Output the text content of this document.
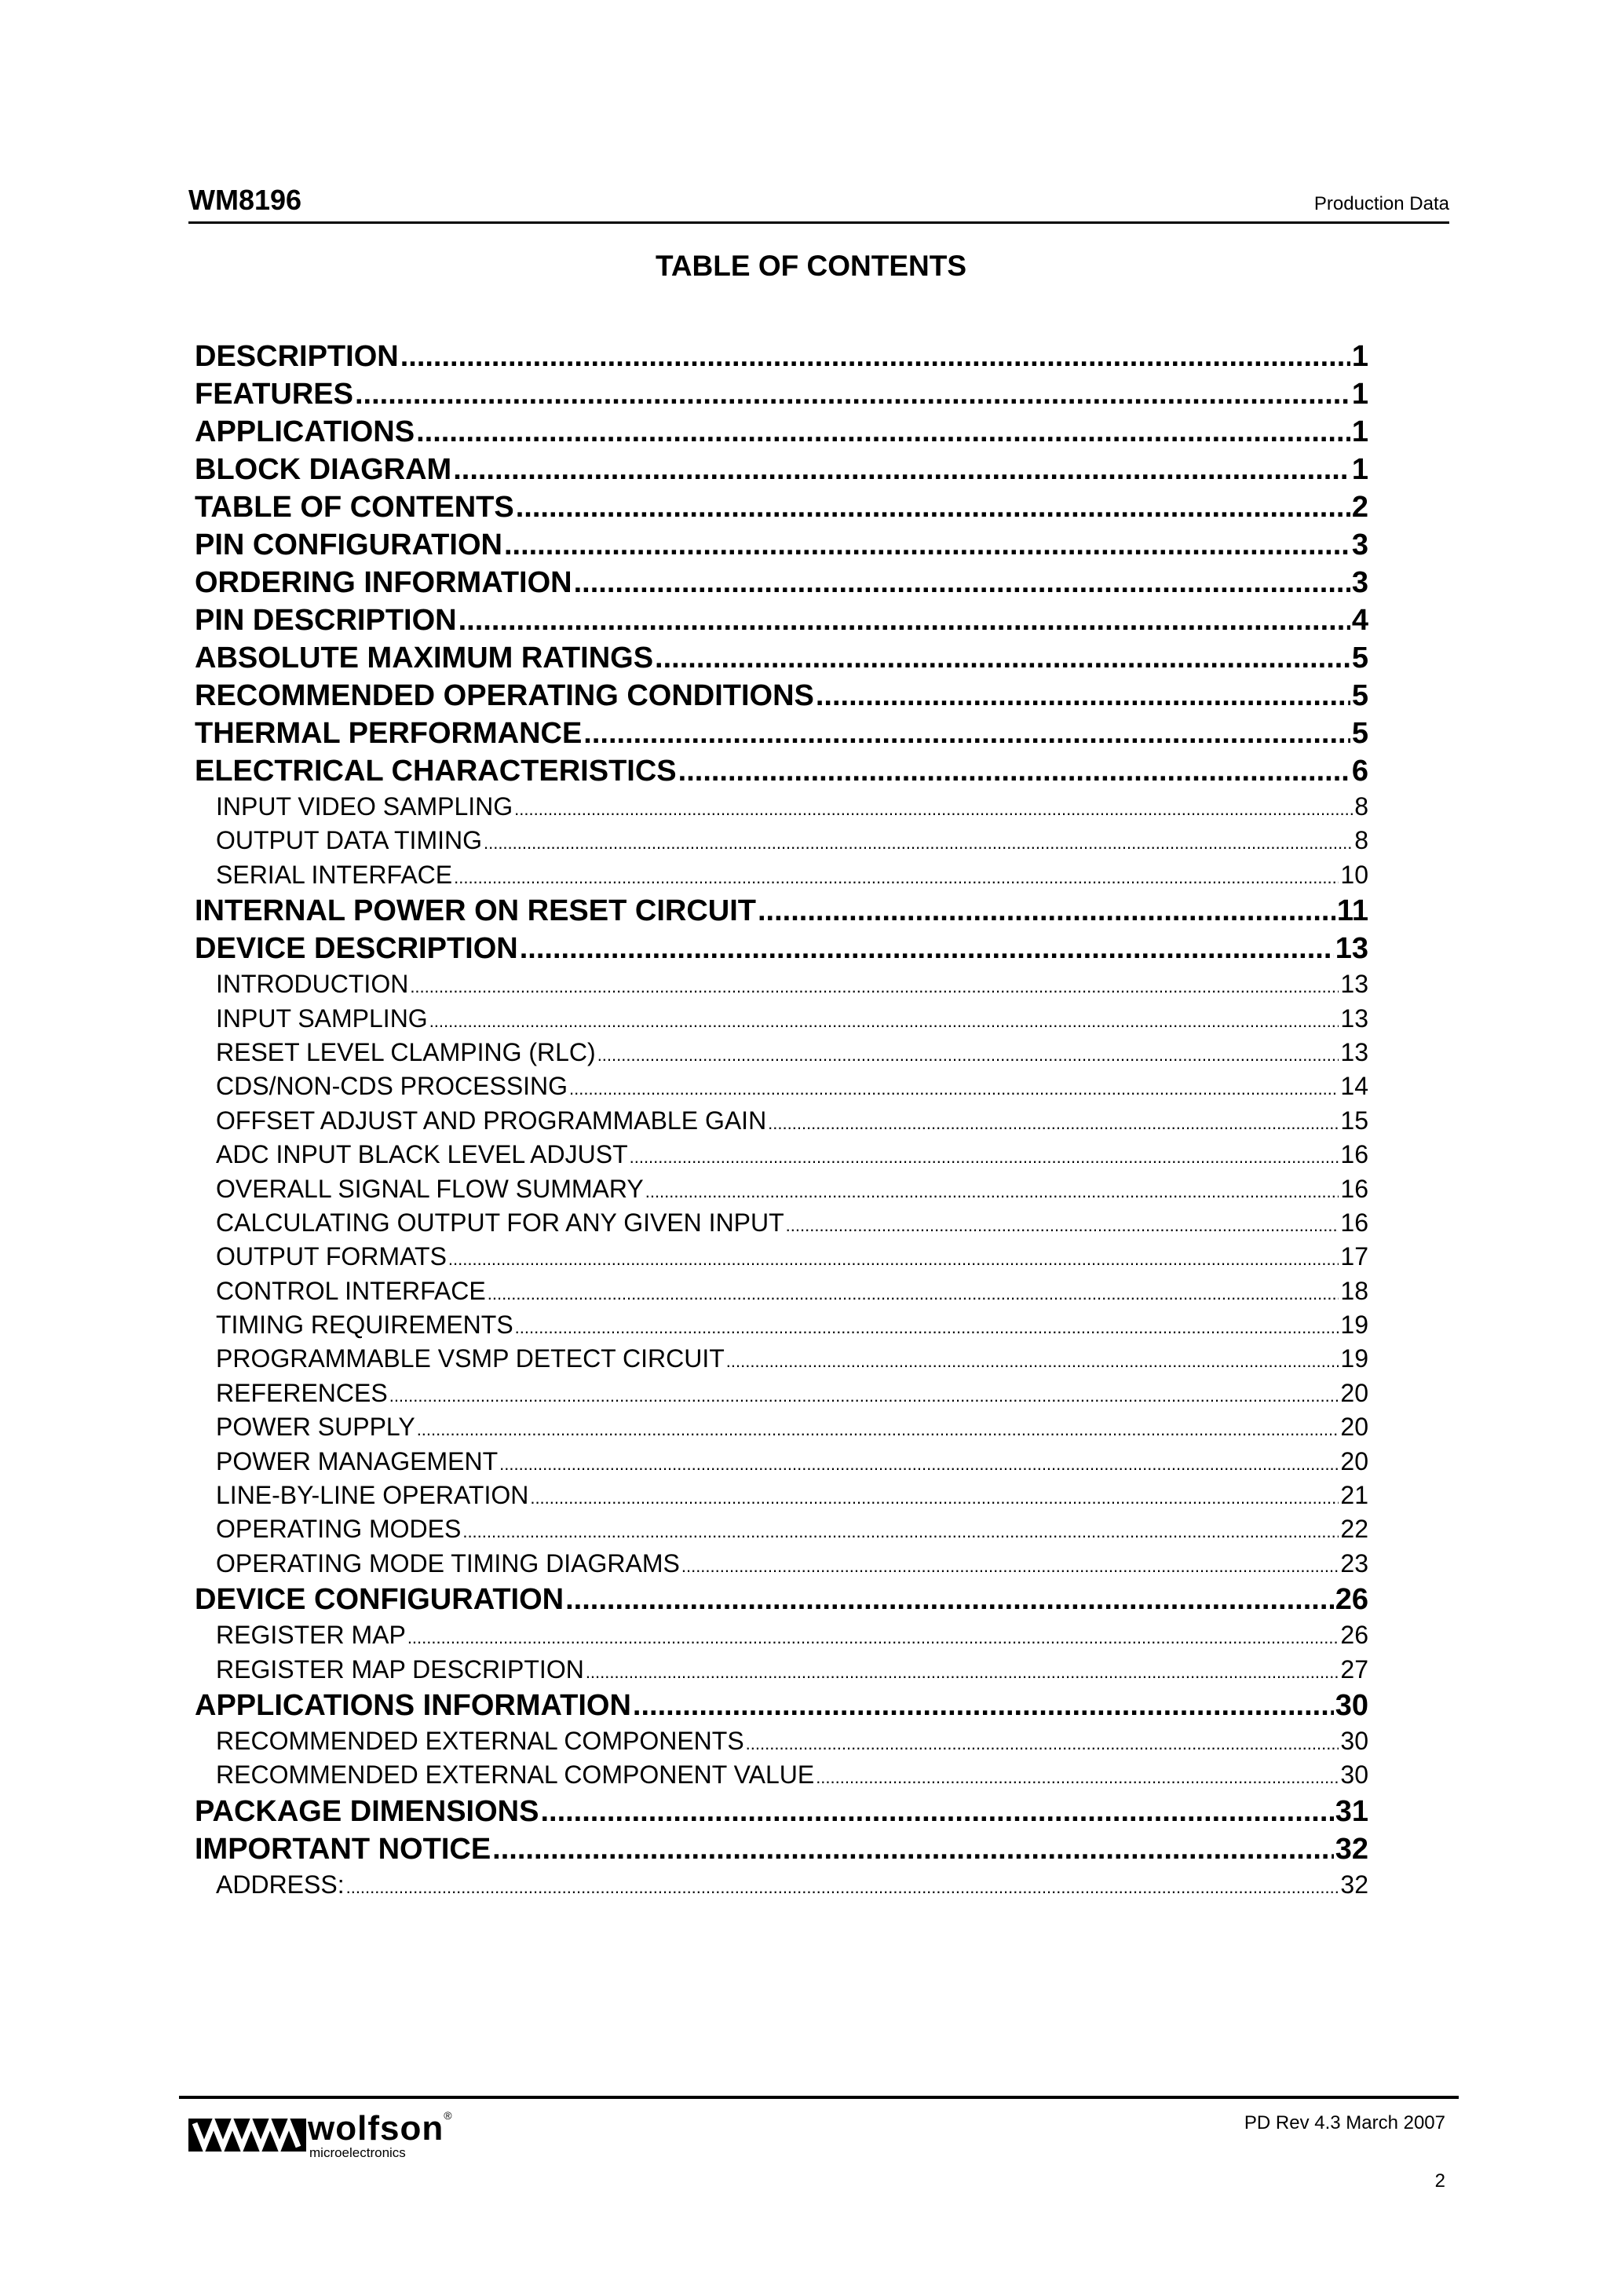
WM8196	Production Data
TABLE OF CONTENTS
DESCRIPTION .....	1
FEATURES .....	1
APPLICATIONS .....	1
BLOCK DIAGRAM .....	1
TABLE OF CONTENTS .....	2
PIN CONFIGURATION .....	3
ORDERING INFORMATION .....	3
PIN DESCRIPTION .....	4
ABSOLUTE MAXIMUM RATINGS .....	5
RECOMMENDED OPERATING CONDITIONS .....	5
THERMAL PERFORMANCE .....	5
ELECTRICAL CHARACTERISTICS .....	6
INPUT VIDEO SAMPLING .....	8
OUTPUT DATA TIMING .....	8
SERIAL INTERFACE .....	10
INTERNAL POWER ON RESET CIRCUIT .....	11
DEVICE DESCRIPTION .....	13
INTRODUCTION .....	13
INPUT SAMPLING .....	13
RESET LEVEL CLAMPING (RLC) .....	13
CDS/NON-CDS PROCESSING .....	14
OFFSET ADJUST AND PROGRAMMABLE GAIN .....	15
ADC INPUT BLACK LEVEL ADJUST .....	16
OVERALL SIGNAL FLOW SUMMARY .....	16
CALCULATING OUTPUT FOR ANY GIVEN INPUT .....	16
OUTPUT FORMATS .....	17
CONTROL INTERFACE .....	18
TIMING REQUIREMENTS .....	19
PROGRAMMABLE VSMP DETECT CIRCUIT .....	19
REFERENCES .....	20
POWER SUPPLY .....	20
POWER MANAGEMENT .....	20
LINE-BY-LINE OPERATION .....	21
OPERATING MODES .....	22
OPERATING MODE TIMING DIAGRAMS .....	23
DEVICE CONFIGURATION .....	26
REGISTER MAP .....	26
REGISTER MAP DESCRIPTION .....	27
APPLICATIONS INFORMATION .....	30
RECOMMENDED EXTERNAL COMPONENTS .....	30
RECOMMENDED EXTERNAL COMPONENT VALUE .....	30
PACKAGE DIMENSIONS .....	31
IMPORTANT NOTICE .....	32
ADDRESS: .....	32
wolfson®
microelectronics
PD Rev 4.3 March 2007
2
